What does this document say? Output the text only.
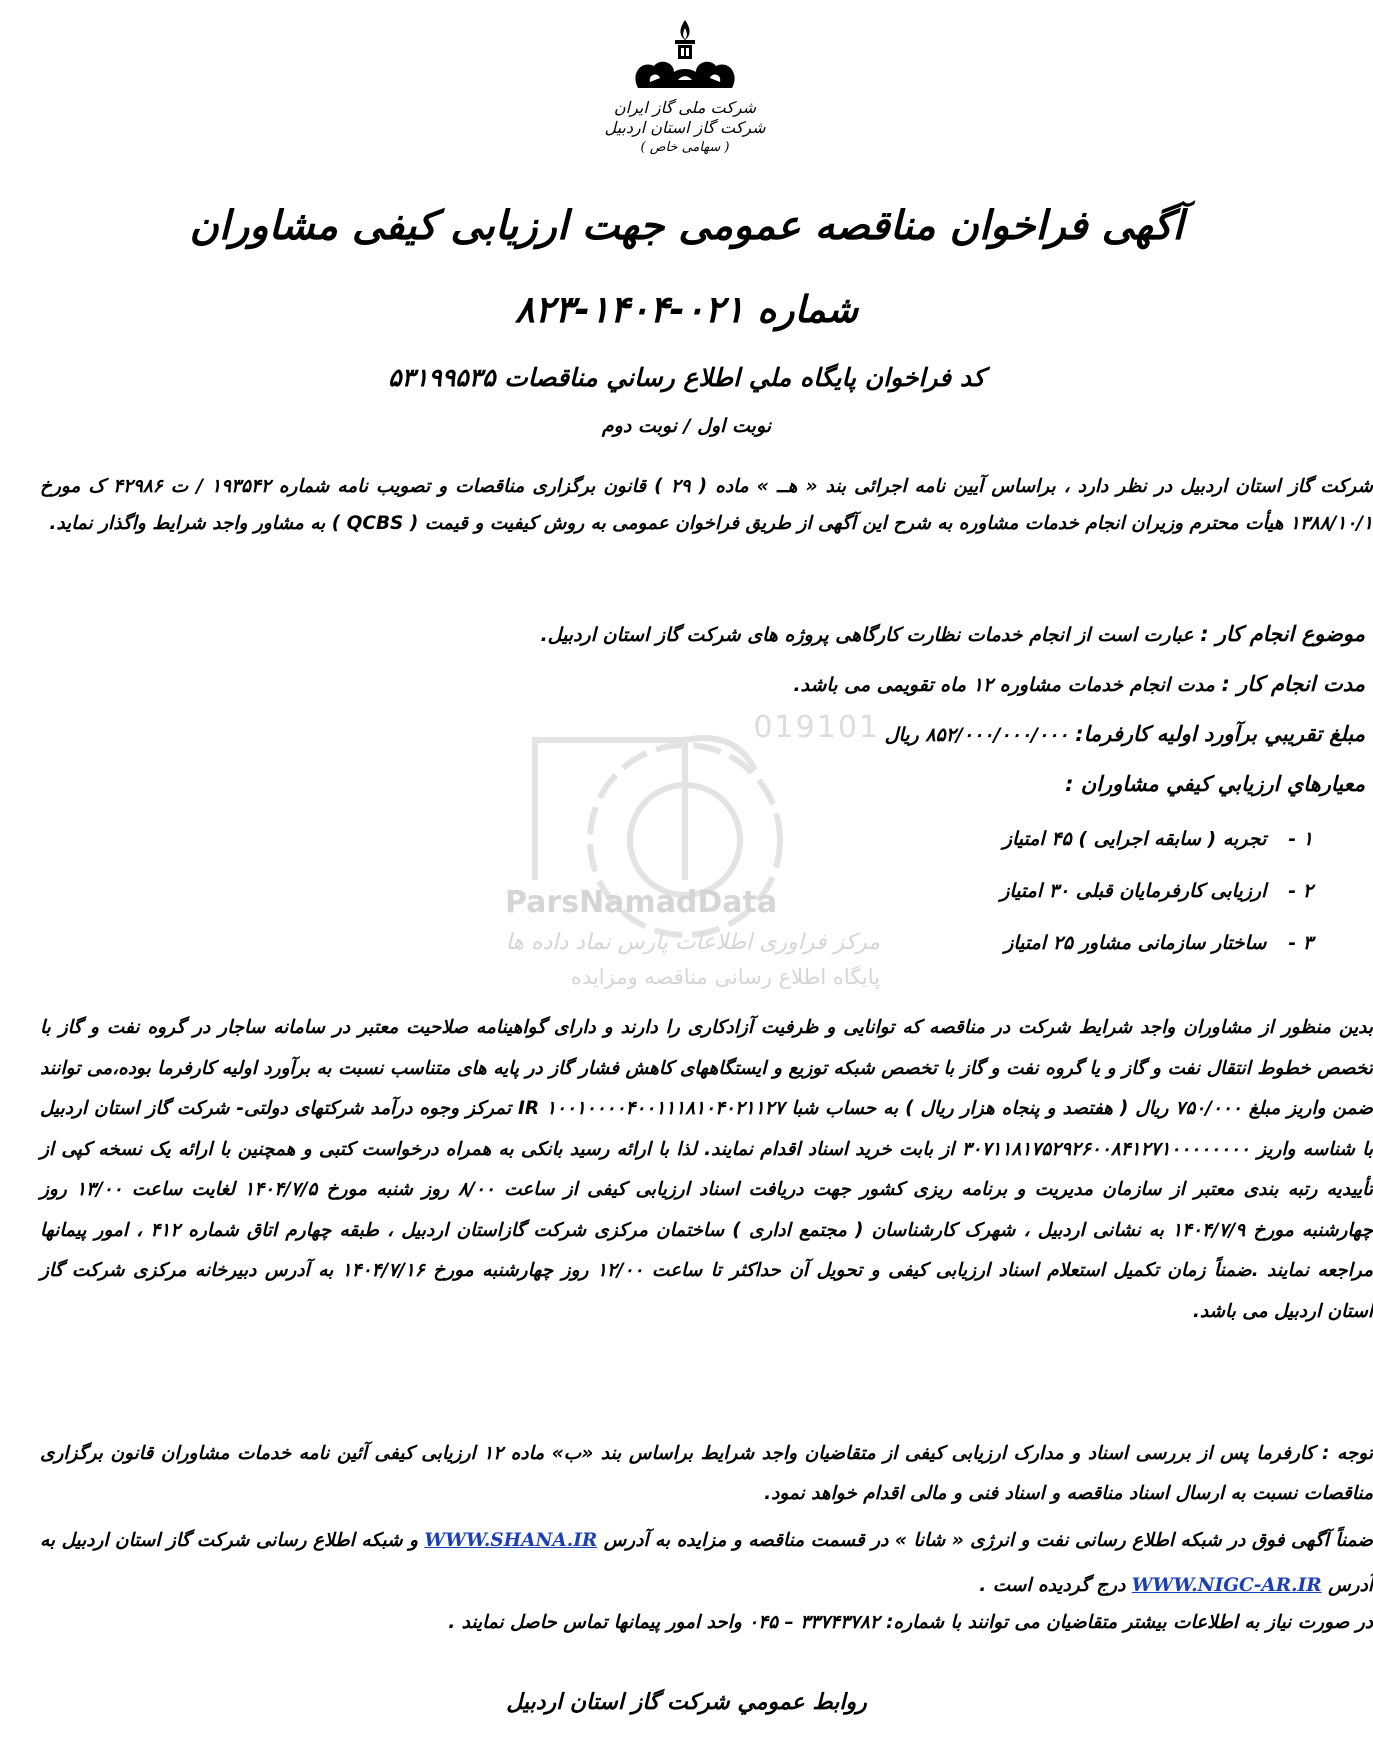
019101
ParsNamadData
مرکز فراوری اطلاعات پارس نماد داده ها
پایگاه اطلاع رسانی مناقصه ومزایده
شرکت ملی گاز ایران
شرکت گاز استان اردبیل
( سهامی خاص )
آگهی فراخوان مناقصه عمومی جهت ارزیابی کیفی مشاوران
شماره ۰۲۱-۱۴۰۴-۸۲۳
كد فراخوان پایگاه ملي اطلاع رساني مناقصات ۵۳۱۹۹۵۳۵
نوبت اول / نوبت دوم
شرکت گاز استان اردبیل در نظر دارد ، براساس آیین نامه اجرائی بند « هــ » ماده ( ۲۹ ) قانون برگزاری مناقصات و تصویب نامه شماره ۱۹۳۵۴۲ / ت ۴۲۹۸۶ ک مورخ ۱۳۸۸/۱۰/۱ هیأت محترم وزیران انجام خدمات مشاوره به شرح این آگهی از طریق فراخوان عمومی به روش کیفیت و قیمت ( QCBS ) به مشاور واجد شرایط واگذار نماید.
موضوع انجام کار : عبارت است از انجام خدمات نظارت کارگاهی پروژه های شرکت گاز استان اردبیل.
مدت انجام کار : مدت انجام خدمات مشاوره ۱۲ ماه تقویمی می باشد.
مبلغ تقريبي برآورد اوليه كارفرما: ۸۵۲/۰۰۰/۰۰۰/۰۰۰ ریال
معيارهاي ارزيابي كيفي مشاوران :
۱ - تجربه ( سابقه اجرایی ) ۴۵ امتیاز
۲ - ارزیابی کارفرمایان قبلی ۳۰ امتیاز
۳ - ساختار سازمانی مشاور ۲۵ امتیاز
بدین منظور از مشاوران واجد شرایط شرکت در مناقصه که توانایی و ظرفیت آزادکاری را دارند و دارای گواهینامه صلاحیت معتبر در سامانه ساجار در گروه نفت و گاز با تخصص خطوط انتقال نفت و گاز و یا گروه نفت و گاز با تخصص شبکه توزیع و ایستگاههای کاهش فشار گاز در پایه های متناسب نسبت به برآورد اولیه کارفرما بوده،می توانند ضمن واریز مبلغ ۷۵۰/۰۰۰ ریال ( هفتصد و پنجاه هزار ریال ) به حساب شبا IR ۱۰۰۱۰۰۰۰۴۰۰۱۱۱۸۱۰۴۰۲۱۱۲۷ تمرکز وجوه درآمد شرکتهای دولتی- شرکت گاز استان اردبیل با شناسه واریز ۳۰۷۱۱۸۱۷۵۲۹۲۶۰۰۸۴۱۲۷۱۰۰۰۰۰۰۰۰ از بابت خرید اسناد اقدام نمایند. لذا با ارائه رسید بانکی به همراه درخواست کتبی و همچنین با ارائه یک نسخه کپی از تأییدیه رتبه بندی معتبر از سازمان مدیریت و برنامه ریزی کشور جهت دریافت اسناد ارزیابی کیفی از ساعت ۸/۰۰ روز شنبه مورخ ۱۴۰۴/۷/۵ لغایت ساعت ۱۳/۰۰ روز چهارشنبه مورخ ۱۴۰۴/۷/۹ به نشانی اردبیل ، شهرک کارشناسان ( مجتمع اداری ) ساختمان مرکزی شرکت گازاستان اردبیل ، طبقه چهارم اتاق شماره ۴۱۲ ، امور پیمانها مراجعه نمایند .ضمناً زمان تکمیل استعلام اسناد ارزیابی کیفی و تحویل آن حداکثر تا ساعت ۱۲/۰۰ روز چهارشنبه مورخ ۱۴۰۴/۷/۱۶ به آدرس دبیرخانه مرکزی شرکت گاز استان اردبیل می باشد.
توجه : کارفرما پس از بررسی اسناد و مدارک ارزیابی کیفی از متقاضیان واجد شرایط براساس بند «ب» ماده ۱۲ ارزیابی کیفی آئین نامه خدمات مشاوران قانون برگزاری مناقصات نسبت به ارسال اسناد مناقصه و اسناد فنی و مالی اقدام خواهد نمود.
ضمناً آگهی فوق در شبکه اطلاع رسانی نفت و انرژی « شانا » در قسمت مناقصه و مزایده به آدرس WWW.SHANA.IR و شبکه اطلاع رسانی شرکت گاز استان اردبیل به آدرس WWW.NIGC-AR.IR درج گردیده است .
در صورت نیاز به اطلاعات بیشتر متقاضیان می توانند با شماره: ۳۳۷۴۳۷۸۲ – ۰۴۵ واحد امور پیمانها تماس حاصل نمایند .
روابط عمومي شركت گاز استان اردبيل
